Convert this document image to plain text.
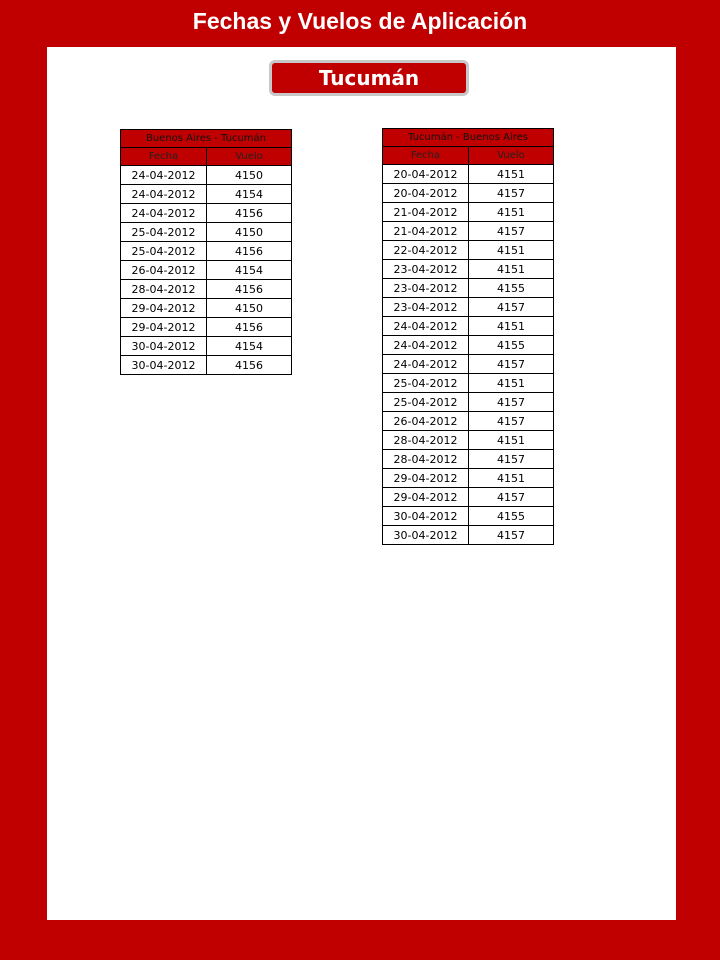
Fechas y Vuelos de Aplicación
Tucumán
Buenos Aires - Tucumán	
Fecha	Vuelo
24-04-2012	4150
24-04-2012	4154
24-04-2012	4156
25-04-2012	4150
25-04-2012	4156
26-04-2012	4154
28-04-2012	4156
29-04-2012	4150
29-04-2012	4156
30-04-2012	4154
30-04-2012	4156
Tucumán - Buenos Aires	
Fecha	Vuelo
20-04-2012	4151
20-04-2012	4157
21-04-2012	4151
21-04-2012	4157
22-04-2012	4151
23-04-2012	4151
23-04-2012	4155
23-04-2012	4157
24-04-2012	4151
24-04-2012	4155
24-04-2012	4157
25-04-2012	4151
25-04-2012	4157
26-04-2012	4157
28-04-2012	4151
28-04-2012	4157
29-04-2012	4151
29-04-2012	4157
30-04-2012	4155
30-04-2012	4157
